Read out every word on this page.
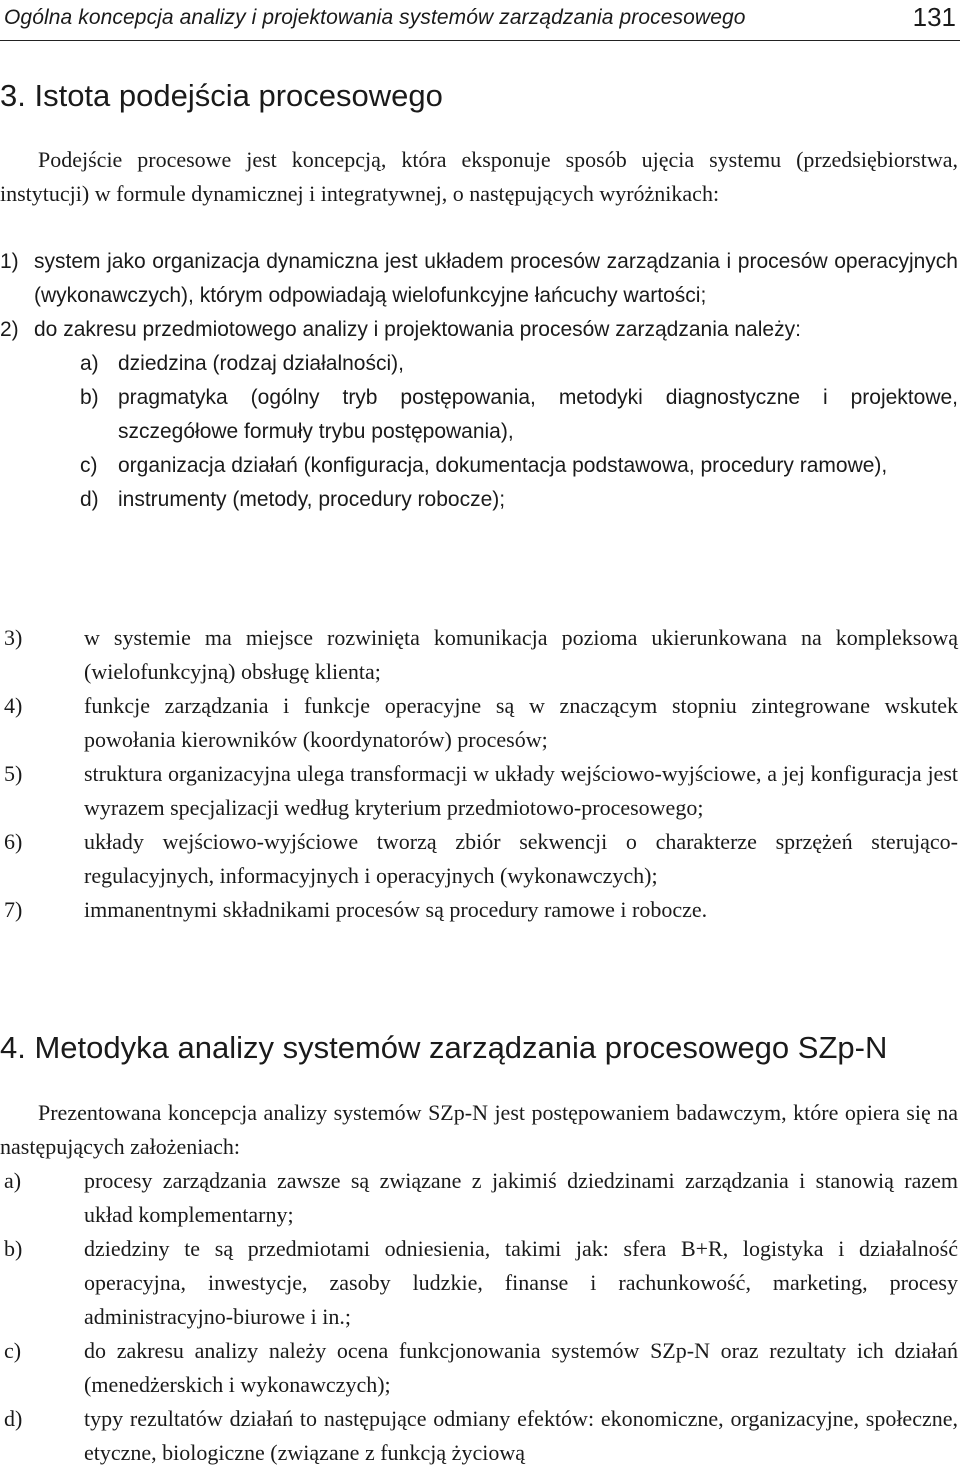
Ogólna koncepcja analizy i projektowania systemów zarządzania procesowego	131
3. Istota podejścia procesowego

Podejście procesowe jest koncepcją, która eksponuje sposób ujęcia systemu (przedsiębiorstwa, instytucji) w formule dynamicznej i integratywnej, o następujących wyróżnikach:

1) system jako organizacja dynamiczna jest układem procesów zarządzania i procesów operacyjnych (wykonawczych), którym odpowiadają wielofunkcyjne łańcuchy wartości;
2) do zakresu przedmiotowego analizy i projektowania procesów zarządzania należy:
a) dziedzina (rodzaj działalności),
b) pragmatyka (ogólny tryb postępowania, metodyki diagnostyczne i projektowe, szczegółowe formuły trybu postępowania),
c) organizacja działań (konfiguracja, dokumentacja podstawowa, procedury ramowe),
d) instrumenty (metody, procedury robocze);
3)	w systemie ma miejsce rozwinięta komunikacja pozioma ukierunkowana na kompleksową (wielofunkcyjną) obsługę klienta;
4)	funkcje zarządzania i funkcje operacyjne są w znaczącym stopniu zintegrowane wskutek powołania kierowników (koordynatorów) procesów;
5)	struktura organizacyjna ulega transformacji w układy wejściowo-wyjściowe, a jej konfiguracja jest wyrazem specjalizacji według kryterium przedmiotowo-procesowego;
6)	układy wejściowo-wyjściowe tworzą zbiór sekwencji o charakterze sprzężeń sterująco-regulacyjnych, informacyjnych i operacyjnych (wykonawczych);
7)	immanentnymi składnikami procesów są procedury ramowe i robocze.
4. Metodyka analizy systemów zarządzania procesowego SZp-N

Prezentowana koncepcja analizy systemów SZp-N jest postępowaniem badawczym, które opiera się na następujących założeniach:

a)	procesy zarządzania zawsze są związane z jakimiś dziedzinami zarządzania i stanowią razem układ komplementarny;
b)	dziedziny te są przedmiotami odniesienia, takimi jak: sfera B+R, logistyka i działalność operacyjna, inwestycje, zasoby ludzkie, finanse i rachunkowość, marketing, procesy administracyjno-biurowe i in.;
c)	do zakresu analizy należy ocena funkcjonowania systemów SZp-N oraz rezultaty ich działań (menedżerskich i wykonawczych);
d)	typy rezultatów działań to następujące odmiany efektów: ekonomiczne, organizacyjne, społeczne, etyczne, biologiczne (związane z funkcją życiową
